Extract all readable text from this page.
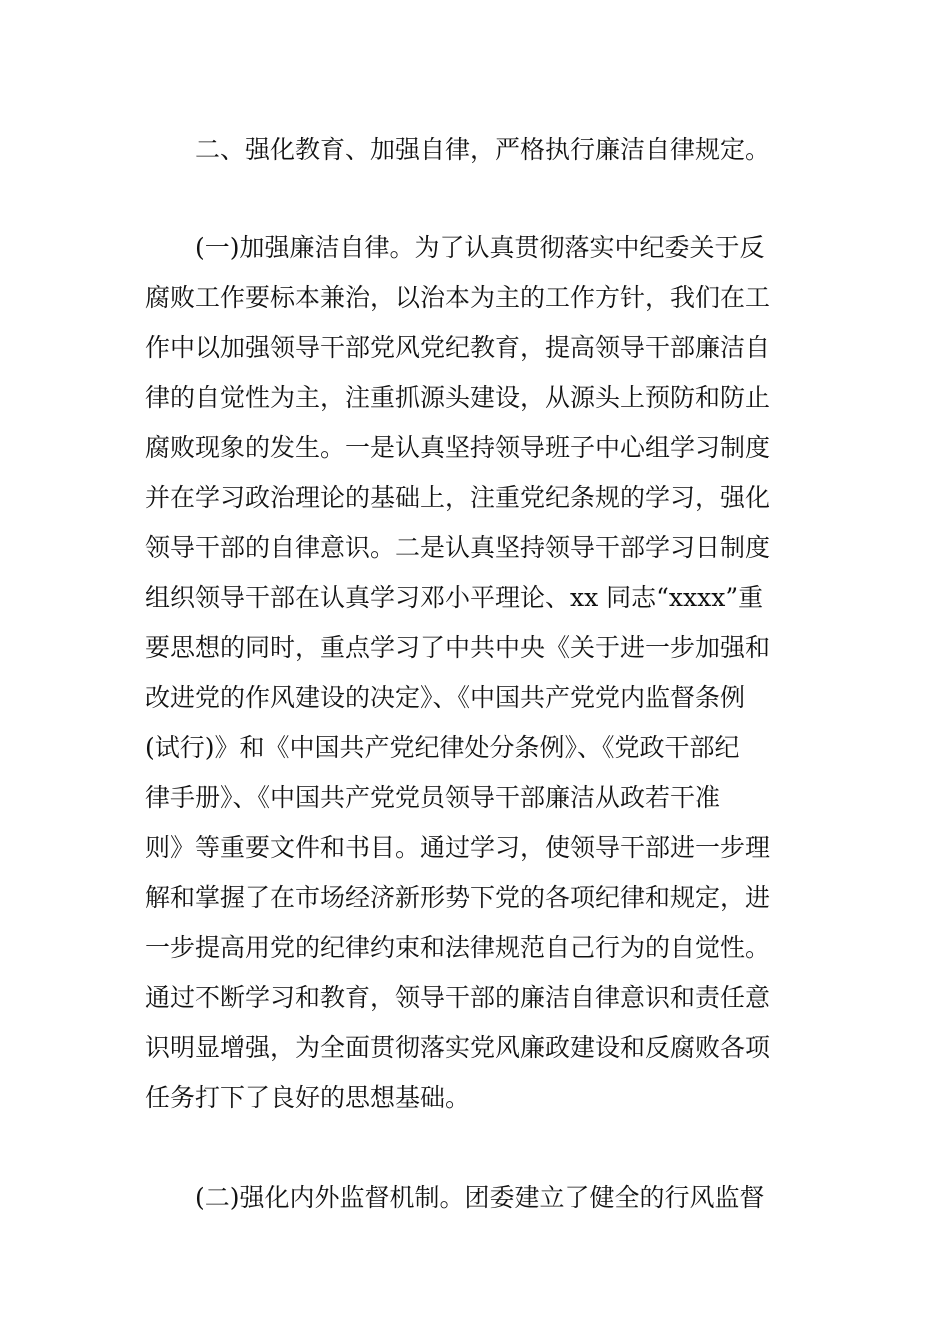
二、强化教育、加强自律，严格执行廉洁自律规定。
(一)加强廉洁自律。为了认真贯彻落实中纪委关于反
腐败工作要标本兼治，以治本为主的工作方针，我们在工
作中以加强领导干部党风党纪教育，提高领导干部廉洁自
律的自觉性为主，注重抓源头建设，从源头上预防和防止
腐败现象的发生。一是认真坚持领导班子中心组学习制度
并在学习政治理论的基础上，注重党纪条规的学习，强化
领导干部的自律意识。二是认真坚持领导干部学习日制度
组织领导干部在认真学习邓小平理论、xx 同志“xxxx”重
要思想的同时，重点学习了中共中央《关于进一步加强和
改进党的作风建设的决定》、《中国共产党党内监督条例
(试行)》和《中国共产党纪律处分条例》、《党政干部纪
律手册》、《中国共产党党员领导干部廉洁从政若干准
则》等重要文件和书目。通过学习，使领导干部进一步理
解和掌握了在市场经济新形势下党的各项纪律和规定，进
一步提高用党的纪律约束和法律规范自己行为的自觉性。
通过不断学习和教育，领导干部的廉洁自律意识和责任意
识明显增强，为全面贯彻落实党风廉政建设和反腐败各项
任务打下了良好的思想基础。
(二)强化内外监督机制。团委建立了健全的行风监督
